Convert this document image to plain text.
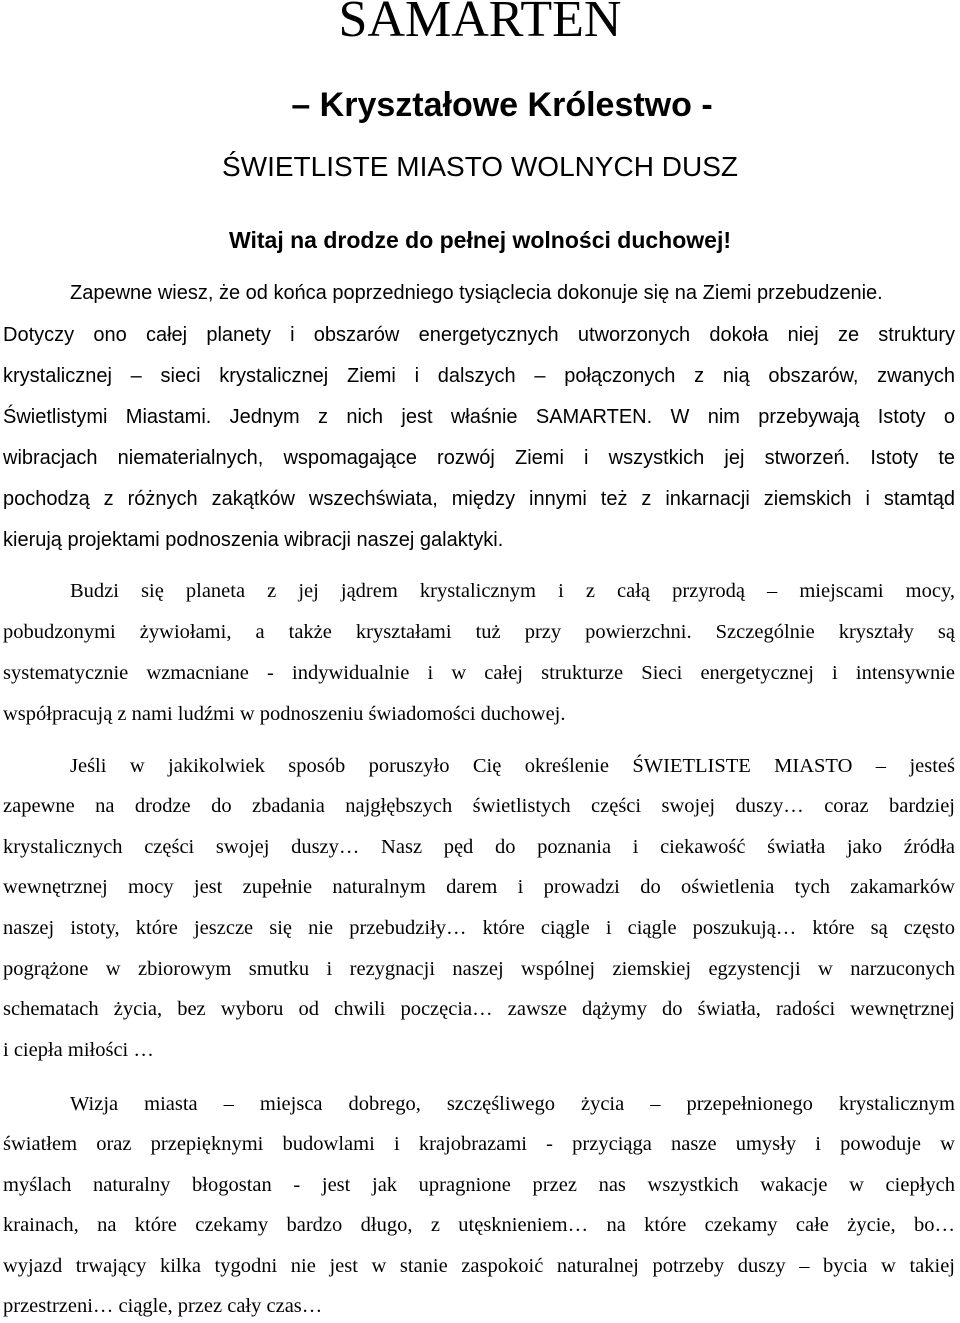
SAMARTEN
– Kryształowe Królestwo -
ŚWIETLISTE MIASTO WOLNYCH DUSZ
Witaj na drodze do pełnej wolności duchowej!
Zapewne wiesz, że od końca poprzedniego tysiąclecia dokonuje się na Ziemi przebudzenie.
Dotyczy ono całej planety i obszarów energetycznych utworzonych dokoła niej ze struktury
krystalicznej – sieci krystalicznej Ziemi i dalszych – połączonych z nią obszarów, zwanych
Świetlistymi Miastami. Jednym z nich jest właśnie SAMARTEN. W nim przebywają Istoty o
wibracjach niematerialnych, wspomagające rozwój Ziemi i wszystkich jej stworzeń. Istoty te
pochodzą z różnych zakątków wszechświata, między innymi też z inkarnacji ziemskich i stamtąd
kierują projektami podnoszenia wibracji naszej galaktyki.
Budzi się planeta z jej jądrem krystalicznym i z całą przyrodą – miejscami mocy,
pobudzonymi żywiołami, a także kryształami tuż przy powierzchni. Szczególnie kryształy są
systematycznie wzmacniane - indywidualnie i w całej strukturze Sieci energetycznej i intensywnie
współpracują z nami ludźmi w podnoszeniu świadomości duchowej.
Jeśli w jakikolwiek sposób poruszyło Cię określenie ŚWIETLISTE MIASTO – jesteś
zapewne na drodze do zbadania najgłębszych świetlistych części swojej duszy… coraz bardziej
krystalicznych części swojej duszy… Nasz pęd do poznania i ciekawość światła jako źródła
wewnętrznej mocy jest zupełnie naturalnym darem i prowadzi do oświetlenia tych zakamarków
naszej istoty, które jeszcze się nie przebudziły… które ciągle i ciągle poszukują… które są często
pogrążone w zbiorowym smutku i rezygnacji naszej wspólnej ziemskiej egzystencji w narzuconych
schematach życia, bez wyboru od chwili poczęcia… zawsze dążymy do światła, radości wewnętrznej
i ciepła miłości …
Wizja miasta – miejsca dobrego, szczęśliwego życia – przepełnionego krystalicznym
światłem oraz przepięknymi budowlami i krajobrazami - przyciąga nasze umysły i powoduje w
myślach naturalny błogostan - jest jak upragnione przez nas wszystkich wakacje w ciepłych
krainach, na które czekamy bardzo długo, z utęsknieniem… na które czekamy całe życie, bo…
wyjazd trwający kilka tygodni nie jest w stanie zaspokoić naturalnej potrzeby duszy – bycia w takiej
przestrzeni… ciągle, przez cały czas…
